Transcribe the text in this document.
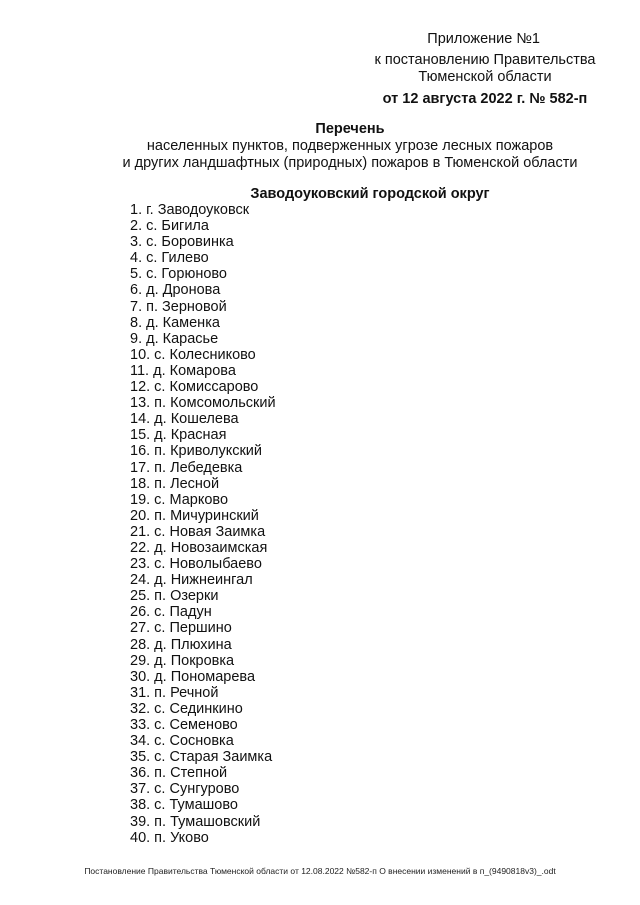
Приложение №1
к постановлению Правительства
Тюменской области
от 12 августа 2022 г. № 582-п
Перечень
населенных пунктов, подверженных угрозе лесных пожаров
и других ландшафтных (природных) пожаров в Тюменской области
Заводоуковский городской округ
1. г. Заводоуковск
2. с. Бигила
3. с. Боровинка
4. с. Гилево
5. с. Горюново
6. д. Дронова
7. п. Зерновой
8. д. Каменка
9. д. Карасье
10. с. Колесниково
11. д. Комарова
12. с. Комиссарово
13. п. Комсомольский
14. д. Кошелева
15. д. Красная
16. п. Криволукский
17. п. Лебедевка
18. п. Лесной
19. с. Марково
20. п. Мичуринский
21. с. Новая Заимка
22. д. Новозаимская
23. с. Новолыбаево
24. д. Нижнеингал
25. п. Озерки
26. с. Падун
27. с. Першино
28. д. Плюхина
29. д. Покровка
30. д. Пономарева
31. п. Речной
32. с. Сединкино
33. с. Семеново
34. с. Сосновка
35. с. Старая Заимка
36. п. Степной
37. с. Сунгурово
38. с. Тумашово
39. п. Тумашовский
40. п. Уково
Постановление Правительства Тюменской области от 12.08.2022 №582-п О внесении изменений в п_(9490818v3)_.odt
